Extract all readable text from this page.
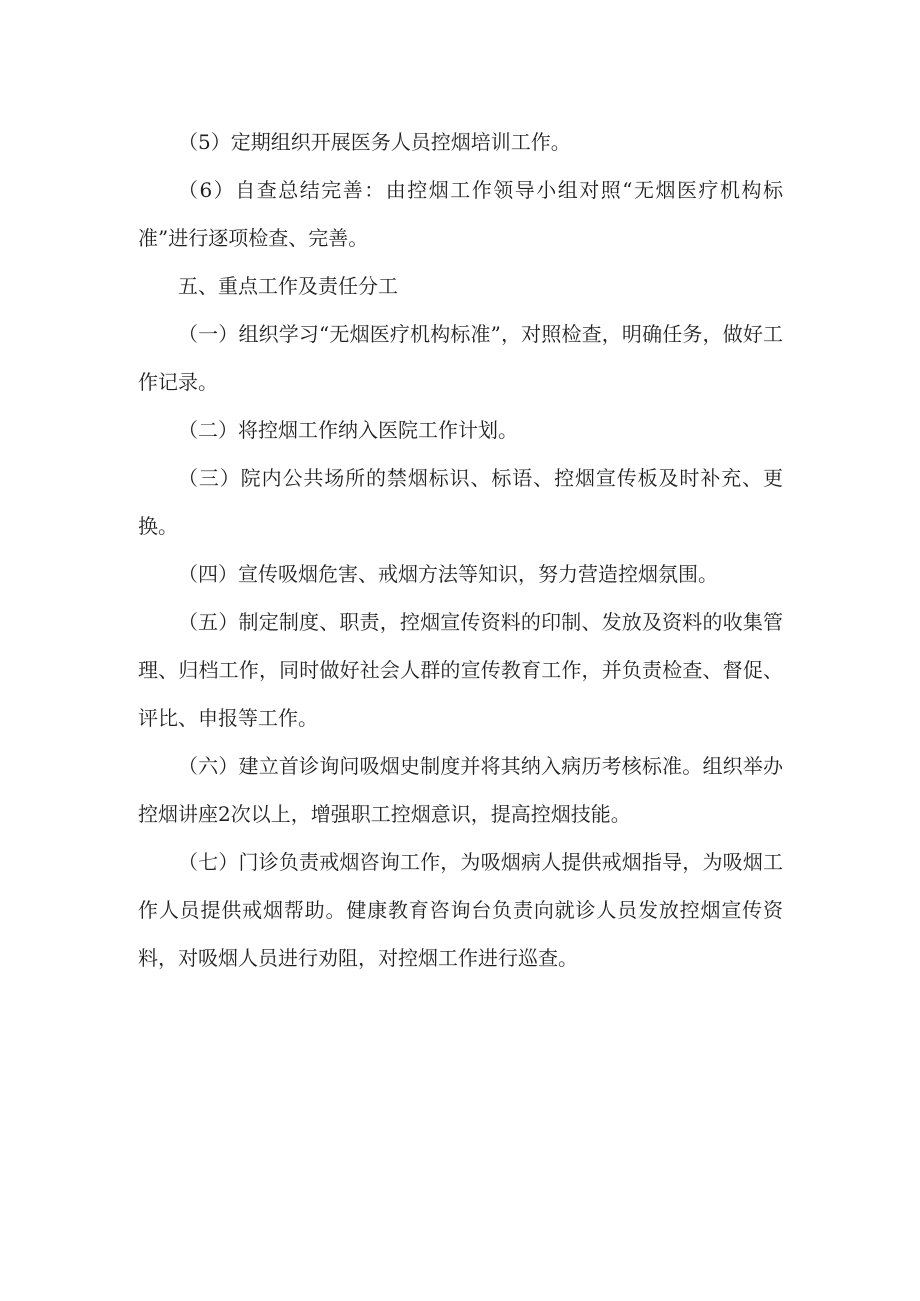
（5）定期组织开展医务人员控烟培训工作。

（6）自查总结完善：由控烟工作领导小组对照“无烟医疗机构标准”进行逐项检查、完善。

五、重点工作及责任分工

（一）组织学习“无烟医疗机构标准”，对照检查，明确任务，做好工作记录。

（二）将控烟工作纳入医院工作计划。

（三）院内公共场所的禁烟标识、标语、控烟宣传板及时补充、更换。

（四）宣传吸烟危害、戒烟方法等知识，努力营造控烟氛围。

（五）制定制度、职责，控烟宣传资料的印制、发放及资料的收集管理、归档工作，同时做好社会人群的宣传教育工作，并负责检查、督促、评比、申报等工作。

（六）建立首诊询问吸烟史制度并将其纳入病历考核标准。组织举办控烟讲座2次以上，增强职工控烟意识，提高控烟技能。

（七）门诊负责戒烟咨询工作，为吸烟病人提供戒烟指导，为吸烟工作人员提供戒烟帮助。健康教育咨询台负责向就诊人员发放控烟宣传资料，对吸烟人员进行劝阻，对控烟工作进行巡查。
